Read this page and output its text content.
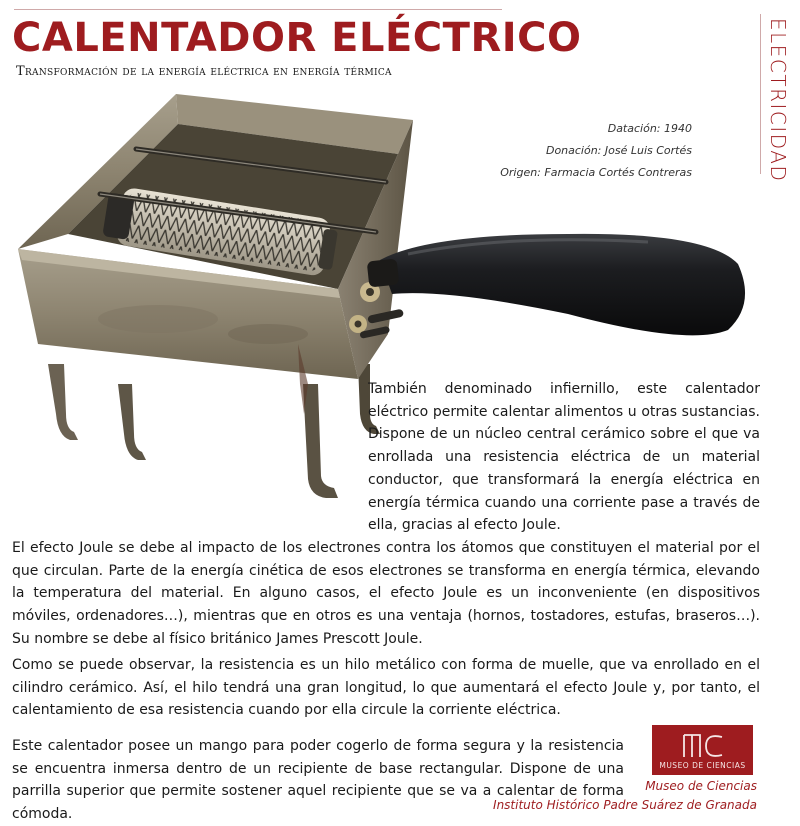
CALENTADOR ELÉCTRICO
Transformación de la energía eléctrica en energía térmica	ELECTRICIDAD
Datación: 1940
Donación: José Luis Cortés
Origen: Farmacia Cortés Contreras

También denominado infiernillo, este calentador eléctrico permite calentar alimentos u otras sustancias. Dispone de un núcleo central cerámico sobre el que va enrollada una resistencia eléctrica de un material conductor, que transformará la energía eléctrica en energía térmica cuando una corriente pase a través de ella, gracias al efecto Joule.

El efecto Joule se debe al impacto de los electrones contra los átomos que constituyen el material por el que circulan. Parte de la energía cinética de esos electrones se transforma en energía térmica, elevando la temperatura del material. En alguno casos, el efecto Joule es un inconveniente (en dispositivos móviles, ordenadores…), mientras que en otros es una ventaja (hornos, tostadores, estufas, braseros…). Su nombre se debe al físico británico James Prescott Joule.

Como se puede observar, la resistencia es un hilo metálico con forma de muelle, que va enrollado en el cilindro cerámico. Así, el hilo tendrá una gran longitud, lo que aumentará el efecto Joule y, por tanto, el calentamiento de esa resistencia cuando por ella circule la corriente eléctrica.

Este calentador posee un mango para poder cogerlo de forma segura y la resistencia se encuentra inmersa dentro de un recipiente de base rectangular. Dispone de una parrilla superior que permite sostener aquel recipiente que se va a calentar de forma cómoda.

MUSEO DE CIENCIAS
Museo de Ciencias
Instituto Histórico Padre Suárez de Granada
